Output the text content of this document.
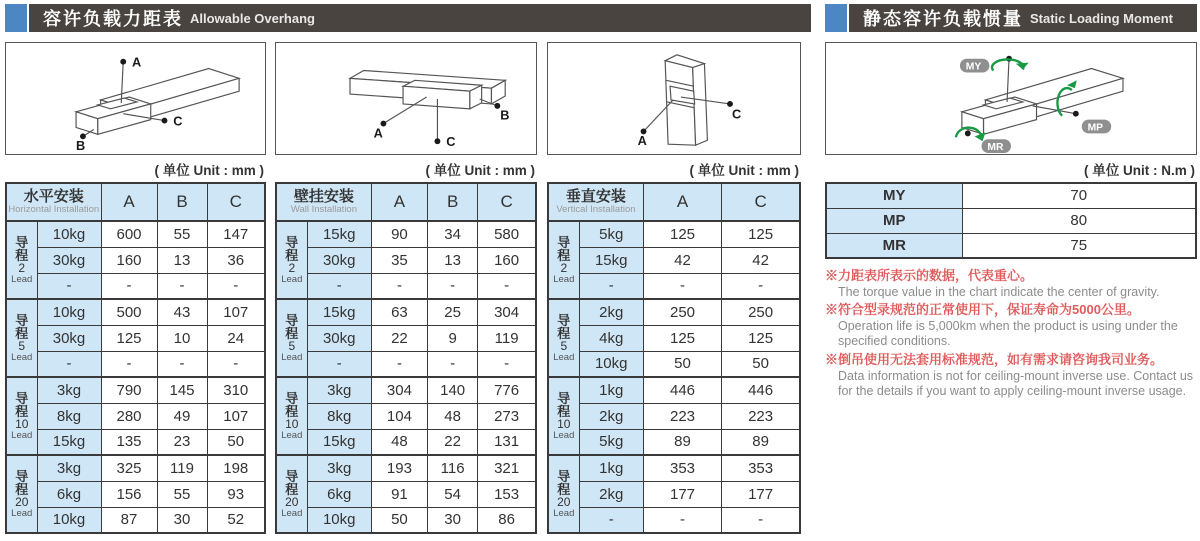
容许负载力距表 Allowable Overhang	静态容许负载惯量 Static Loading Moment
A
C
B
( 单位 Unit : mm )
水平安装
Horizontal Installation		A	B	C

导
程
2
Lead	10kg	600	55	147
	30kg	160	13	36
	-	-	-	-

导
程
5
Lead	10kg	500	43	107
	30kg	125	10	24
	-	-	-	-

导
程
10
Lead	3kg	790	145	310
	8kg	280	49	107
	15kg	135	23	50

导
程
20
Lead	3kg	325	119	198
	6kg	156	55	93
	10kg	87	30	52
A
B
C
( 单位 Unit : mm )
壁挂安装
Wall Installation		A	B	C

导
程
2
Lead	15kg	90	34	580
	30kg	35	13	160
	-	-	-	-

导
程
5
Lead	15kg	63	25	304
	30kg	22	9	119
	-	-	-	-

导
程
10
Lead	3kg	304	140	776
	8kg	104	48	273
	15kg	48	22	131

导
程
20
Lead	3kg	193	116	321
	6kg	91	54	153
	10kg	50	30	86
A
C
( 单位 Unit : mm )
垂直安装
Vertical Installation		A	C

导
程
2
Lead	5kg	125	125
	15kg	42	42
	-	-	-

导
程
5
Lead	2kg	250	250
	4kg	125	125
	10kg	50	50

导
程
10
Lead	1kg	446	446
	2kg	223	223
	5kg	89	89

导
程
20
Lead	1kg	353	353
	2kg	177	177
	-	-	-
MY
MP
MR
( 单位 Unit : N.m )
MY	70
MP	80
MR	75
※力距表所表示的数据，代表重心。
The torque value in the chart indicate the center of gravity.
※符合型录规范的正常使用下，保证寿命为5000公里。
Operation life is 5,000km when the product is using under the specified conditions.
※倒吊使用无法套用标准规范，如有需求请咨询我司业务。
Data information is not for ceiling-mount inverse use. Contact us for the details if you want to apply ceiling-mount inverse usage.
